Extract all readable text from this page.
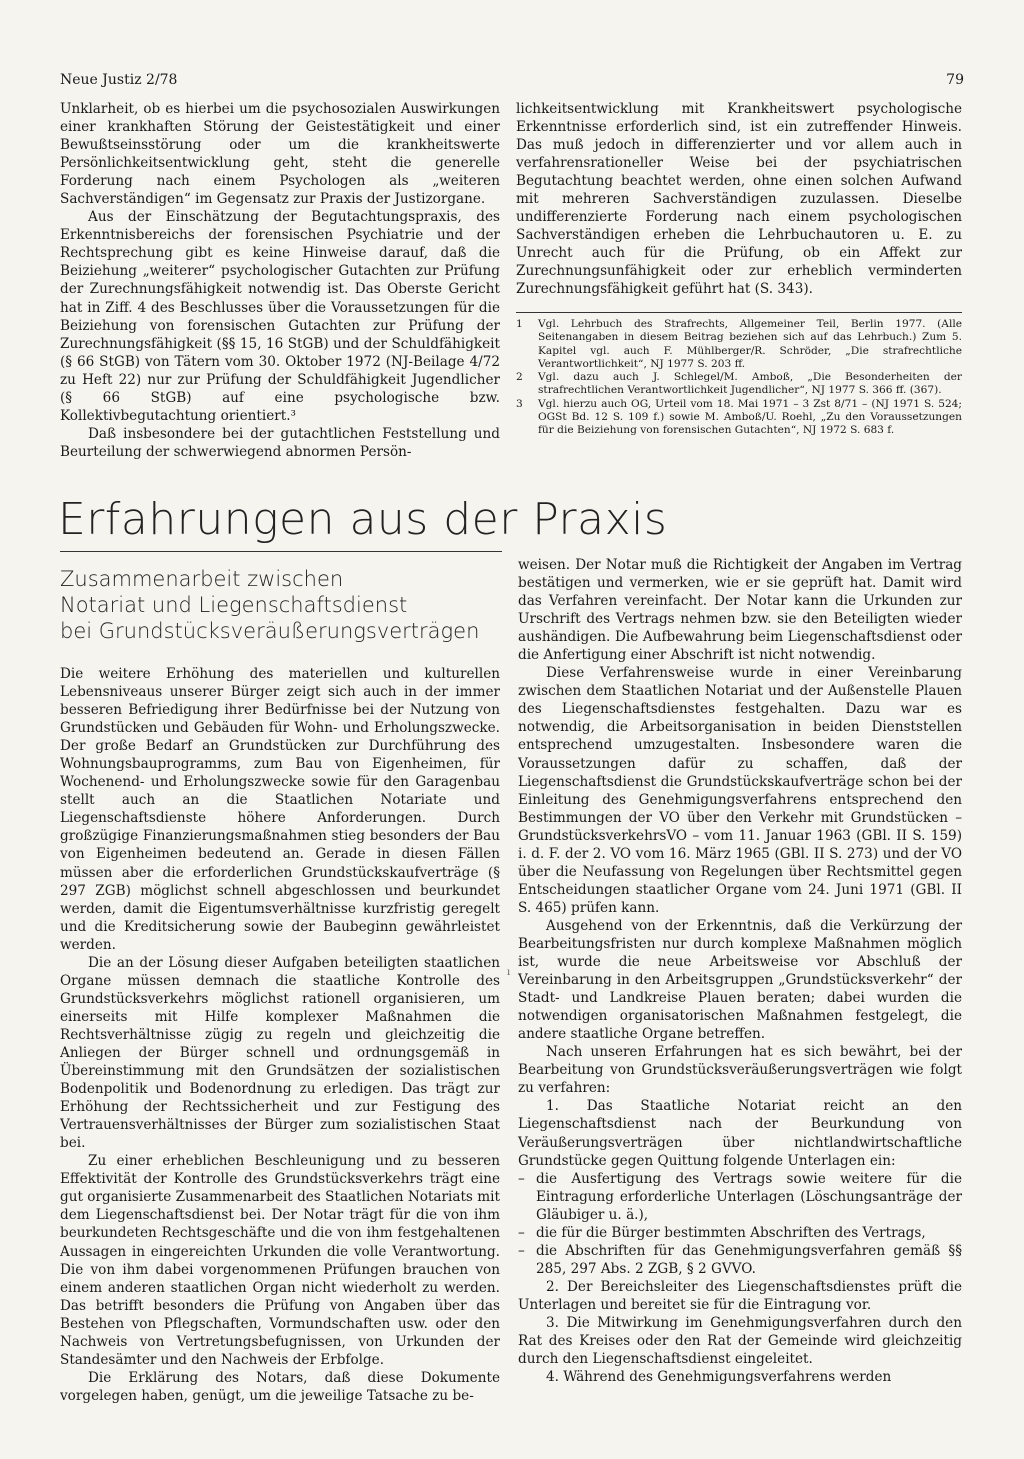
Neue Justiz 2/78	79

Unklarheit, ob es hierbei um die psychosozialen Auswirkungen einer krankhaften Störung der Geistestätigkeit und einer Bewußtseinsstörung oder um die krankheitswerte Persönlichkeitsentwicklung geht, steht die generelle Forderung nach einem Psychologen als „weiteren Sachverständigen“ im Gegensatz zur Praxis der Justizorgane.

Aus der Einschätzung der Begutachtungspraxis, des Erkenntnisbereichs der forensischen Psychiatrie und der Rechtsprechung gibt es keine Hinweise darauf, daß die Beiziehung „weiterer“ psychologischer Gutachten zur Prüfung der Zurechnungsfähigkeit notwendig ist. Das Oberste Gericht hat in Ziff. 4 des Beschlusses über die Voraussetzungen für die Beiziehung von forensischen Gutachten zur Prüfung der Zurechnungsfähigkeit (§§ 15, 16 StGB) und der Schuldfähigkeit (§ 66 StGB) von Tätern vom 30. Oktober 1972 (NJ-Beilage 4/72 zu Heft 22) nur zur Prüfung der Schuldfähigkeit Jugendlicher (§ 66 StGB) auf eine psychologische bzw. Kollektivbegutachtung orientiert.³

Daß insbesondere bei der gutachtlichen Feststellung und Beurteilung der schwerwiegend abnormen Persön-

lichkeitsentwicklung mit Krankheitswert psychologische Erkenntnisse erforderlich sind, ist ein zutreffender Hinweis. Das muß jedoch in differenzierter und vor allem auch in verfahrensrationeller Weise bei der psychiatrischen Begutachtung beachtet werden, ohne einen solchen Aufwand mit mehreren Sachverständigen zuzulassen. Dieselbe undifferenzierte Forderung nach einem psychologischen Sachverständigen erheben die Lehrbuchautoren u. E. zu Unrecht auch für die Prüfung, ob ein Affekt zur Zurechnungsunfähigkeit oder zur erheblich verminderten Zurechnungsfähigkeit geführt hat (S. 343).

1	Vgl. Lehrbuch des Strafrechts, Allgemeiner Teil, Berlin 1977. (Alle Seitenangaben in diesem Beitrag beziehen sich auf das Lehrbuch.) Zum 5. Kapitel vgl. auch F. Mühlberger/R. Schröder, „Die strafrechtliche Verantwortlichkeit“, NJ 1977 S. 203 ff.
2	Vgl. dazu auch J. Schlegel/M. Amboß, „Die Besonderheiten der strafrechtlichen Verantwortlichkeit Jugendlicher“, NJ 1977 S. 366 ff. (367).
3	Vgl. hierzu auch OG, Urteil vom 18. Mai 1971 – 3 Zst 8/71 – (NJ 1971 S. 524; OGSt Bd. 12 S. 109 f.) sowie M. Amboß/U. Roehl, „Zu den Voraussetzungen für die Beiziehung von forensischen Gutachten“, NJ 1972 S. 683 f.
Erfahrungen aus der Praxis
Zusammenarbeit zwischen
Notariat und Liegenschaftsdienst
bei Grundstücksveräußerungsverträgen

Die weitere Erhöhung des materiellen und kulturellen Lebensniveaus unserer Bürger zeigt sich auch in der immer besseren Befriedigung ihrer Bedürfnisse bei der Nutzung von Grundstücken und Gebäuden für Wohn- und Erholungszwecke. Der große Bedarf an Grundstücken zur Durchführung des Wohnungsbauprogramms, zum Bau von Eigenheimen, für Wochenend- und Erholungszwecke sowie für den Garagenbau stellt auch an die Staatlichen Notariate und Liegenschaftsdienste höhere Anforderungen. Durch großzügige Finanzierungsmaßnahmen stieg besonders der Bau von Eigenheimen bedeutend an. Gerade in diesen Fällen müssen aber die erforderlichen Grundstückskaufverträge (§ 297 ZGB) möglichst schnell abgeschlossen und beurkundet werden, damit die Eigentumsverhältnisse kurzfristig geregelt und die Kreditsicherung sowie der Baubeginn gewährleistet werden.

Die an der Lösung dieser Aufgaben beteiligten staatlichen Organe müssen demnach die staatliche Kontrolle des Grundstücksverkehrs möglichst rationell organisieren, um einerseits mit Hilfe komplexer Maßnahmen die Rechtsverhältnisse zügig zu regeln und gleichzeitig die Anliegen der Bürger schnell und ordnungsgemäß in Übereinstimmung mit den Grundsätzen der sozialistischen Bodenpolitik und Bodenordnung zu erledigen. Das trägt zur Erhöhung der Rechtssicherheit und zur Festigung des Vertrauensverhältnisses der Bürger zum sozialistischen Staat bei.

Zu einer erheblichen Beschleunigung und zu besseren Effektivität der Kontrolle des Grundstücksverkehrs trägt eine gut organisierte Zusammenarbeit des Staatlichen Notariats mit dem Liegenschaftsdienst bei. Der Notar trägt für die von ihm beurkundeten Rechtsgeschäfte und die von ihm festgehaltenen Aussagen in eingereichten Urkunden die volle Verantwortung. Die von ihm dabei vorgenommenen Prüfungen brauchen von einem anderen staatlichen Organ nicht wiederholt zu werden. Das betrifft besonders die Prüfung von Angaben über das Bestehen von Pflegschaften, Vormundschaften usw. oder den Nachweis von Vertretungsbefugnissen, von Urkunden der Standesämter und den Nachweis der Erbfolge.

Die Erklärung des Notars, daß diese Dokumente vorgelegen haben, genügt, um die jeweilige Tatsache zu be-

ı

weisen. Der Notar muß die Richtigkeit der Angaben im Vertrag bestätigen und vermerken, wie er sie geprüft hat. Damit wird das Verfahren vereinfacht. Der Notar kann die Urkunden zur Urschrift des Vertrags nehmen bzw. sie den Beteiligten wieder aushändigen. Die Aufbewahrung beim Liegenschaftsdienst oder die Anfertigung einer Abschrift ist nicht notwendig.

Diese Verfahrensweise wurde in einer Vereinbarung zwischen dem Staatlichen Notariat und der Außenstelle Plauen des Liegenschaftsdienstes festgehalten. Dazu war es notwendig, die Arbeitsorganisation in beiden Dienststellen entsprechend umzugestalten. Insbesondere waren die Voraussetzungen dafür zu schaffen, daß der Liegenschaftsdienst die Grundstückskaufverträge schon bei der Einleitung des Genehmigungsverfahrens entsprechend den Bestimmungen der VO über den Verkehr mit Grundstücken – GrundstücksverkehrsVO – vom 11. Januar 1963 (GBl. II S. 159) i. d. F. der 2. VO vom 16. März 1965 (GBl. II S. 273) und der VO über die Neufassung von Regelungen über Rechtsmittel gegen Entscheidungen staatlicher Organe vom 24. Juni 1971 (GBl. II S. 465) prüfen kann.

Ausgehend von der Erkenntnis, daß die Verkürzung der Bearbeitungsfristen nur durch komplexe Maßnahmen möglich ist, wurde die neue Arbeitsweise vor Abschluß der Vereinbarung in den Arbeitsgruppen „Grundstücksverkehr“ der Stadt- und Landkreise Plauen beraten; dabei wurden die notwendigen organisatorischen Maßnahmen festgelegt, die andere staatliche Organe betreffen.

Nach unseren Erfahrungen hat es sich bewährt, bei der Bearbeitung von Grundstücksveräußerungsverträgen wie folgt zu verfahren:

1. Das Staatliche Notariat reicht an den Liegenschaftsdienst nach der Beurkundung von Veräußerungsverträgen über nichtlandwirtschaftliche Grundstücke gegen Quittung folgende Unterlagen ein:

– die Ausfertigung des Vertrags sowie weitere für die Eintragung erforderliche Unterlagen (Löschungsanträge der Gläubiger u. ä.),
– die für die Bürger bestimmten Abschriften des Vertrags,
– die Abschriften für das Genehmigungsverfahren gemäß §§ 285, 297 Abs. 2 ZGB, § 2 GVVO.

2. Der Bereichsleiter des Liegenschaftsdienstes prüft die Unterlagen und bereitet sie für die Eintragung vor.

3. Die Mitwirkung im Genehmigungsverfahren durch den Rat des Kreises oder den Rat der Gemeinde wird gleichzeitig durch den Liegenschaftsdienst eingeleitet.

4. Während des Genehmigungsverfahrens werden
